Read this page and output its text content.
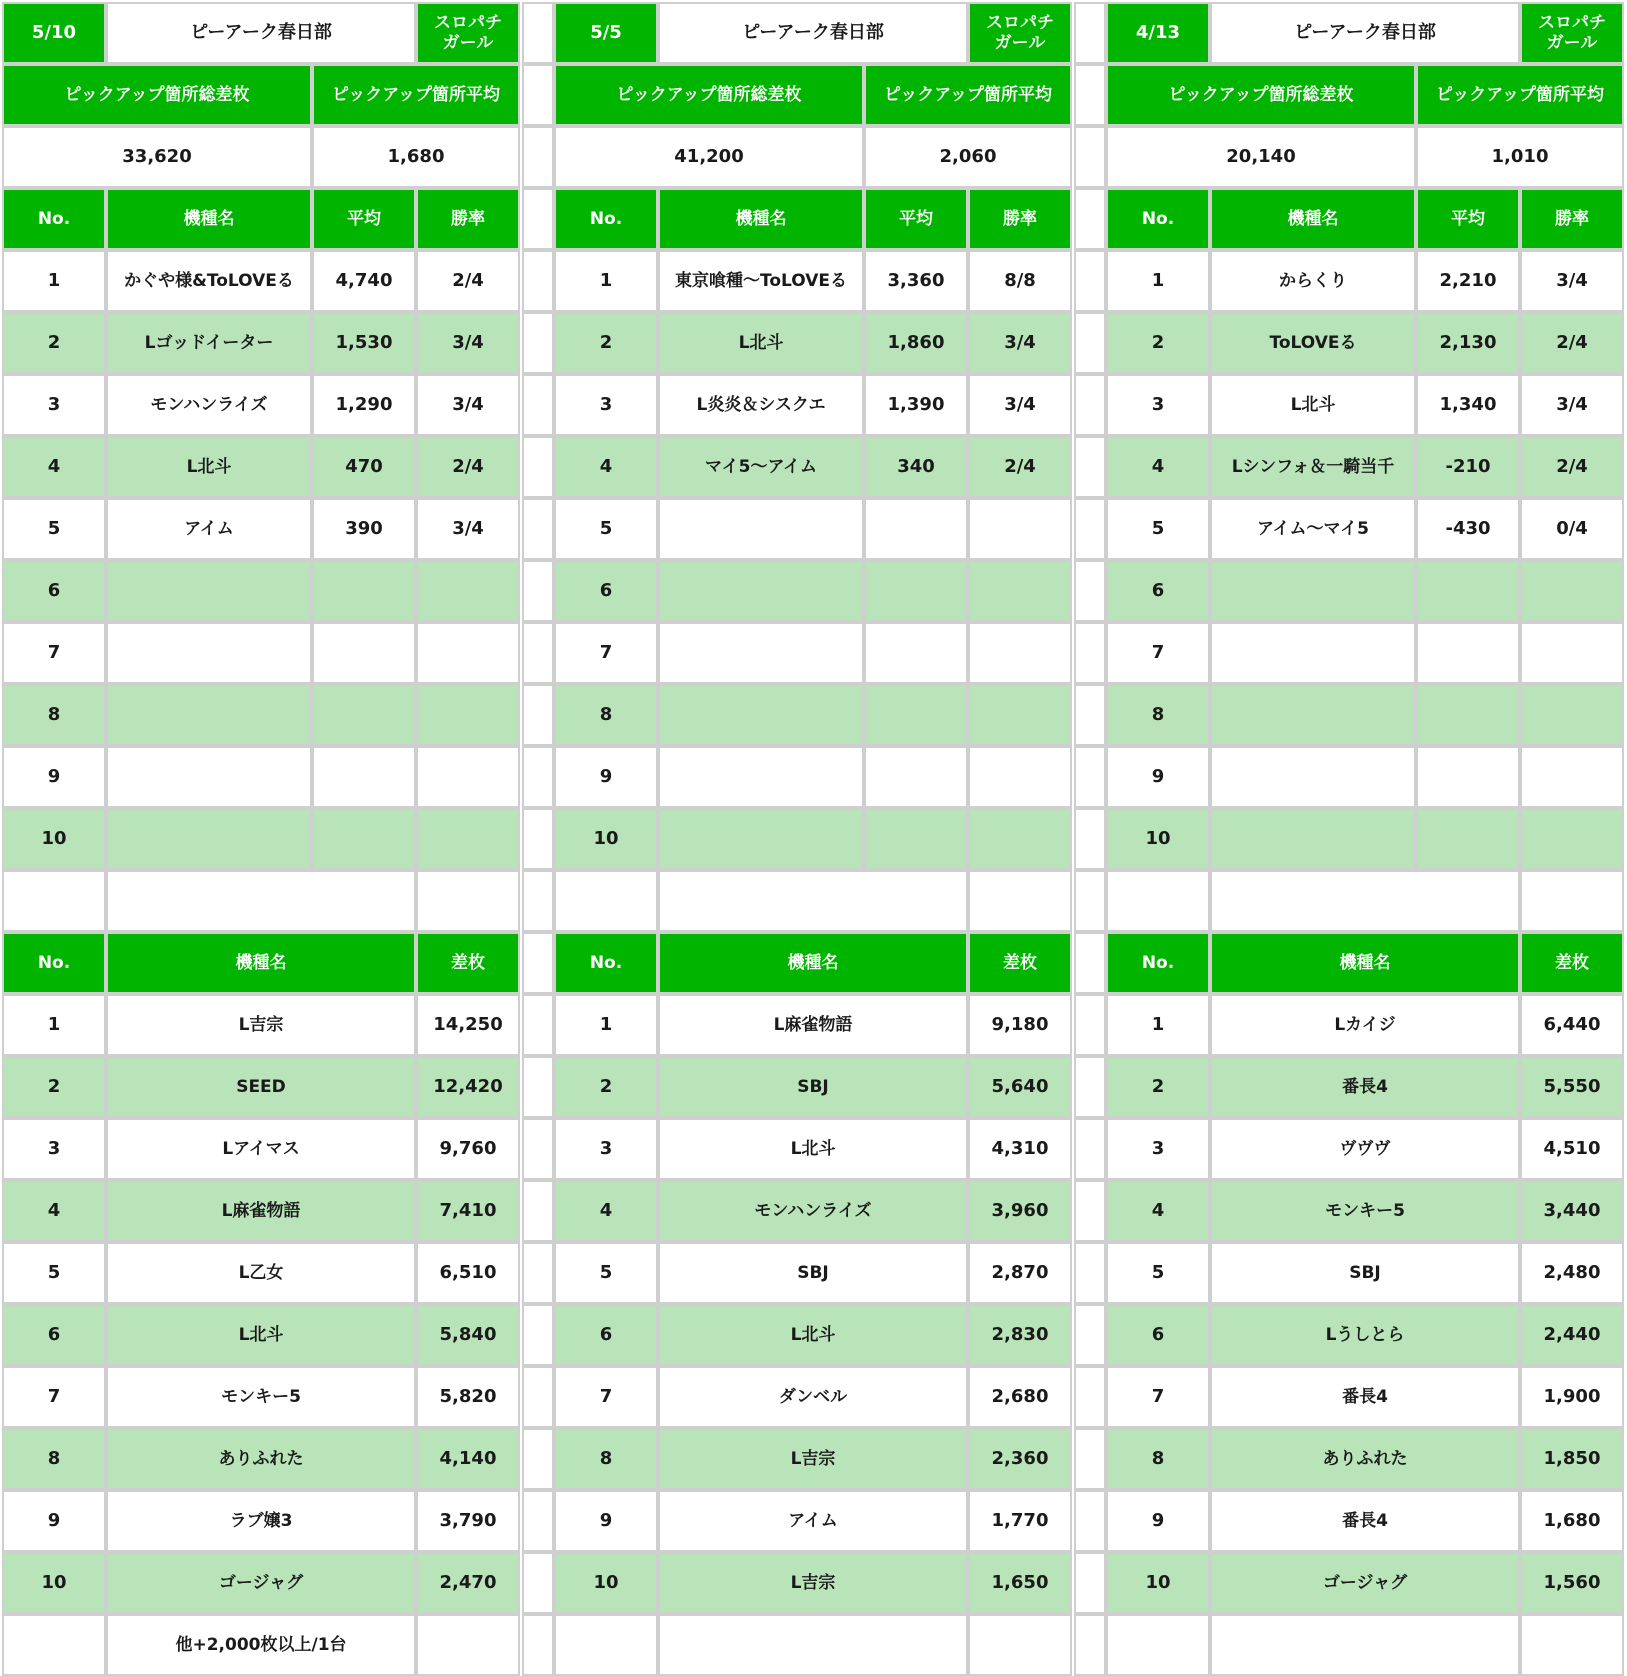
5/10	ピーアーク春日部	スロパチ
ガール
ピックアップ箇所総差枚	ピックアップ箇所平均
33,620	1,680
No.	機種名	平均	勝率
1	かぐや様&ToLOVEる	4,740	2/4
2	Lゴッドイーター	1,530	3/4
3	モンハンライズ	1,290	3/4
4	L北斗	470	2/4
5	アイム	390	3/4
6
7
8
9
10
No.	機種名	差枚
1	L吉宗	14,250
2	SEED	12,420
3	Lアイマス	9,760
4	L麻雀物語	7,410
5	L乙女	6,510
6	L北斗	5,840
7	モンキー5	5,820
8	ありふれた	4,140
9	ラブ嬢3	3,790
10	ゴージャグ	2,470
他+2,000枚以上/1台
5/5	ピーアーク春日部	スロパチ
ガール
ピックアップ箇所総差枚	ピックアップ箇所平均
41,200	2,060
No.	機種名	平均	勝率
1	東京喰種～ToLOVEる	3,360	8/8
2	L北斗	1,860	3/4
3	L炎炎＆シスクエ	1,390	3/4
4	マイ5～アイム	340	2/4
5
6
7
8
9
10
No.	機種名	差枚
1	L麻雀物語	9,180
2	SBJ	5,640
3	L北斗	4,310
4	モンハンライズ	3,960
5	SBJ	2,870
6	L北斗	2,830
7	ダンベル	2,680
8	L吉宗	2,360
9	アイム	1,770
10	L吉宗	1,650
4/13	ピーアーク春日部	スロパチ
ガール
ピックアップ箇所総差枚	ピックアップ箇所平均
20,140	1,010
No.	機種名	平均	勝率
1	からくり	2,210	3/4
2	ToLOVEる	2,130	2/4
3	L北斗	1,340	3/4
4	Lシンフォ＆一騎当千	-210	2/4
5	アイム～マイ5	-430	0/4
6
7
8
9
10
No.	機種名	差枚
1	Lカイジ	6,440
2	番長4	5,550
3	ヴヴヴ	4,510
4	モンキー5	3,440
5	SBJ	2,480
6	Lうしとら	2,440
7	番長4	1,900
8	ありふれた	1,850
9	番長4	1,680
10	ゴージャグ	1,560
